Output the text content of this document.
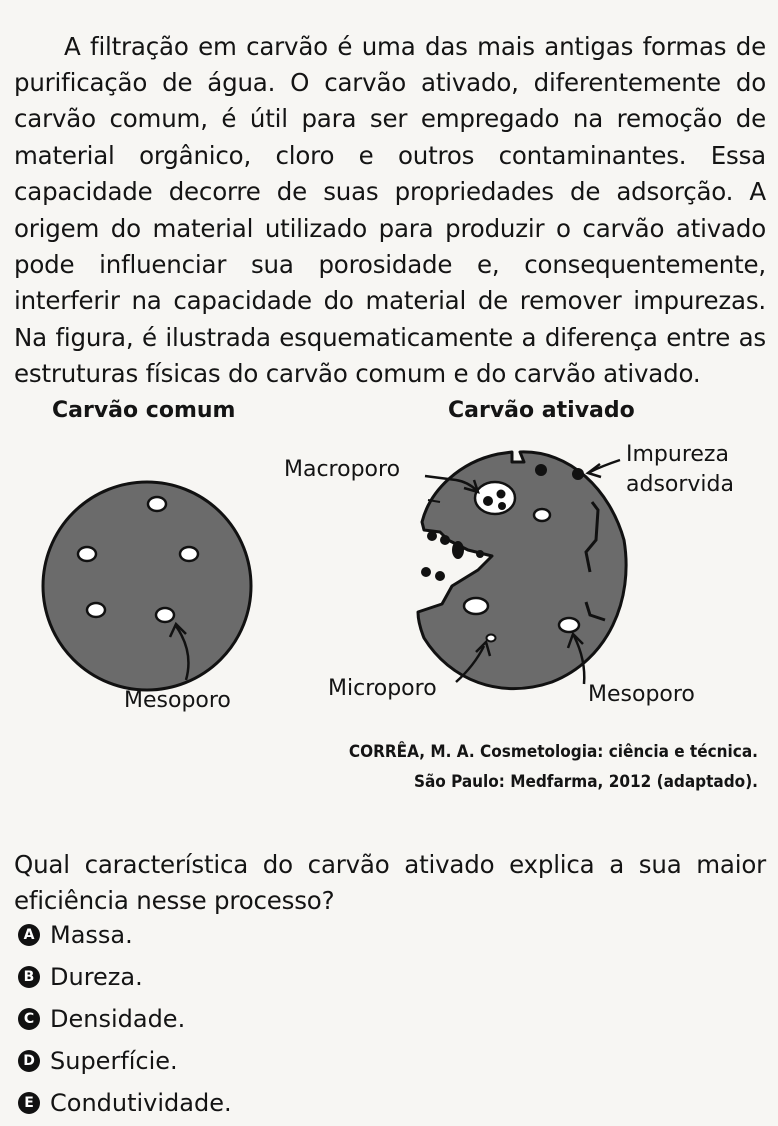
A filtração em carvão é uma das mais antigas formas de purificação de água. O carvão ativado, diferentemente do carvão comum, é útil para ser empregado na remoção de material orgânico, cloro e outros contaminantes. Essa capacidade decorre de suas propriedades de adsorção. A origem do material utilizado para produzir o carvão ativado pode influenciar sua porosidade e, consequentemente, interferir na capacidade do material de remover impurezas. Na figura, é ilustrada esquematicamente a diferença entre as estruturas físicas do carvão comum e do carvão ativado.

Carvão comum	Carvão ativado
Mesoporo
Macroporo
Impureza
adsorvida
Microporo	Mesoporo
CORRÊA, M. A. Cosmetologia: ciência e técnica.
São Paulo: Medfarma, 2012 (adaptado).

Qual característica do carvão ativado explica a sua maior eficiência nesse processo?

A Massa.
B Dureza.
C Densidade.
D Superfície.
E Condutividade.
